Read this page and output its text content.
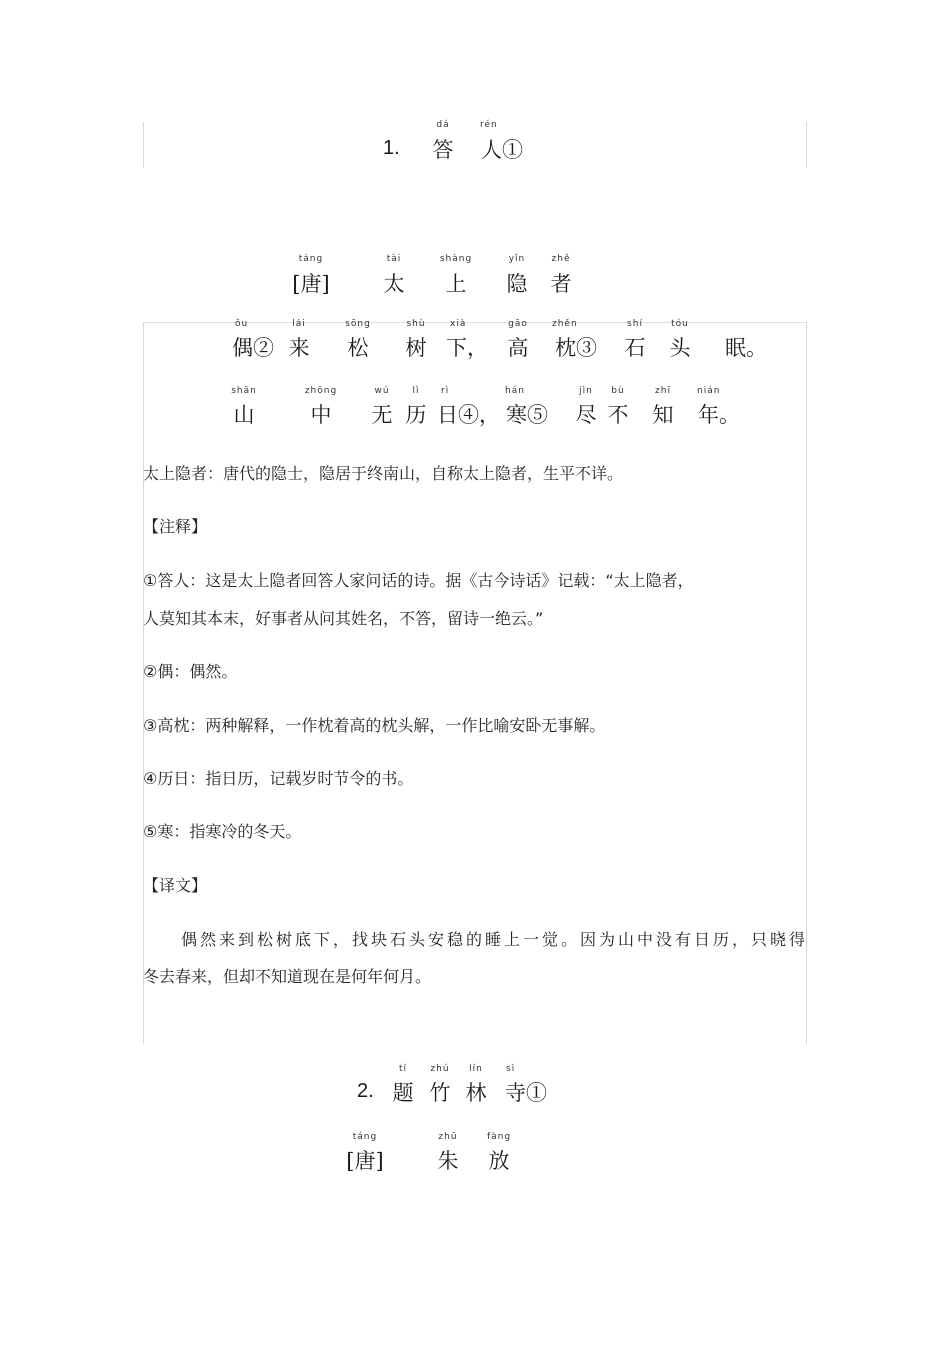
1.
dá
答
rén
人①
táng
[唐]
tài
太
shàng
上
yǐn
隐
zhě
者
ǒu
偶②
lái
来
sōng
松
shù
树
xià
下，
gāo
高
zhěn
枕③
shí
石
tóu
头	眠。
shān
山
zhōng
中
wú
无
lì
历
rì
日④，
hán
寒⑤
jìn
尽
bù
不
zhī
知
nián
年。
太上隐者：唐代的隐士，隐居于终南山，自称太上隐者，生平不详。
【注释】
①答人：这是太上隐者回答人家问话的诗。据《古今诗话》记载：“太上隐者，
人莫知其本末，好事者从问其姓名，不答，留诗一绝云。”
②偶：偶然。
③高枕：两种解释，一作枕着高的枕头解，一作比喻安卧无事解。
④历日：指日历，记载岁时节令的书。
⑤寒：指寒冷的冬天。
【译文】
偶然来到松树底下，找块石头安稳的睡上一觉。因为山中没有日历，只晓得
冬去春来，但却不知道现在是何年何月。
2.
tí
题
zhú
竹
lín
林
sì
寺①
táng
[唐]
zhū
朱
fàng
放
